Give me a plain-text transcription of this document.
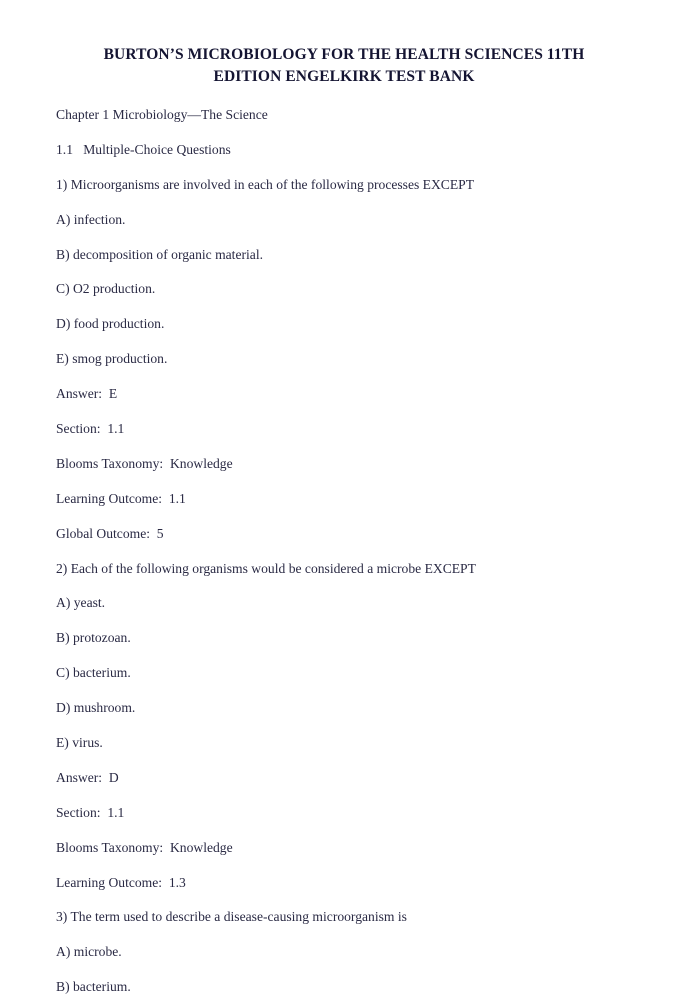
BURTON’S MICROBIOLOGY FOR THE HEALTH SCIENCES 11TH EDITION ENGELKIRK TEST BANK

Chapter 1 Microbiology—The Science

1.1   Multiple-Choice Questions

1) Microorganisms are involved in each of the following processes EXCEPT

A) infection.

B) decomposition of organic material.

C) O2 production.

D) food production.

E) smog production.

Answer:  E

Section:  1.1

Blooms Taxonomy:  Knowledge

Learning Outcome:  1.1

Global Outcome:  5

2) Each of the following organisms would be considered a microbe EXCEPT

A) yeast.

B) protozoan.

C) bacterium.

D) mushroom.

E) virus.

Answer:  D

Section:  1.1

Blooms Taxonomy:  Knowledge

Learning Outcome:  1.3

3) The term used to describe a disease-causing microorganism is

A) microbe.

B) bacterium.
